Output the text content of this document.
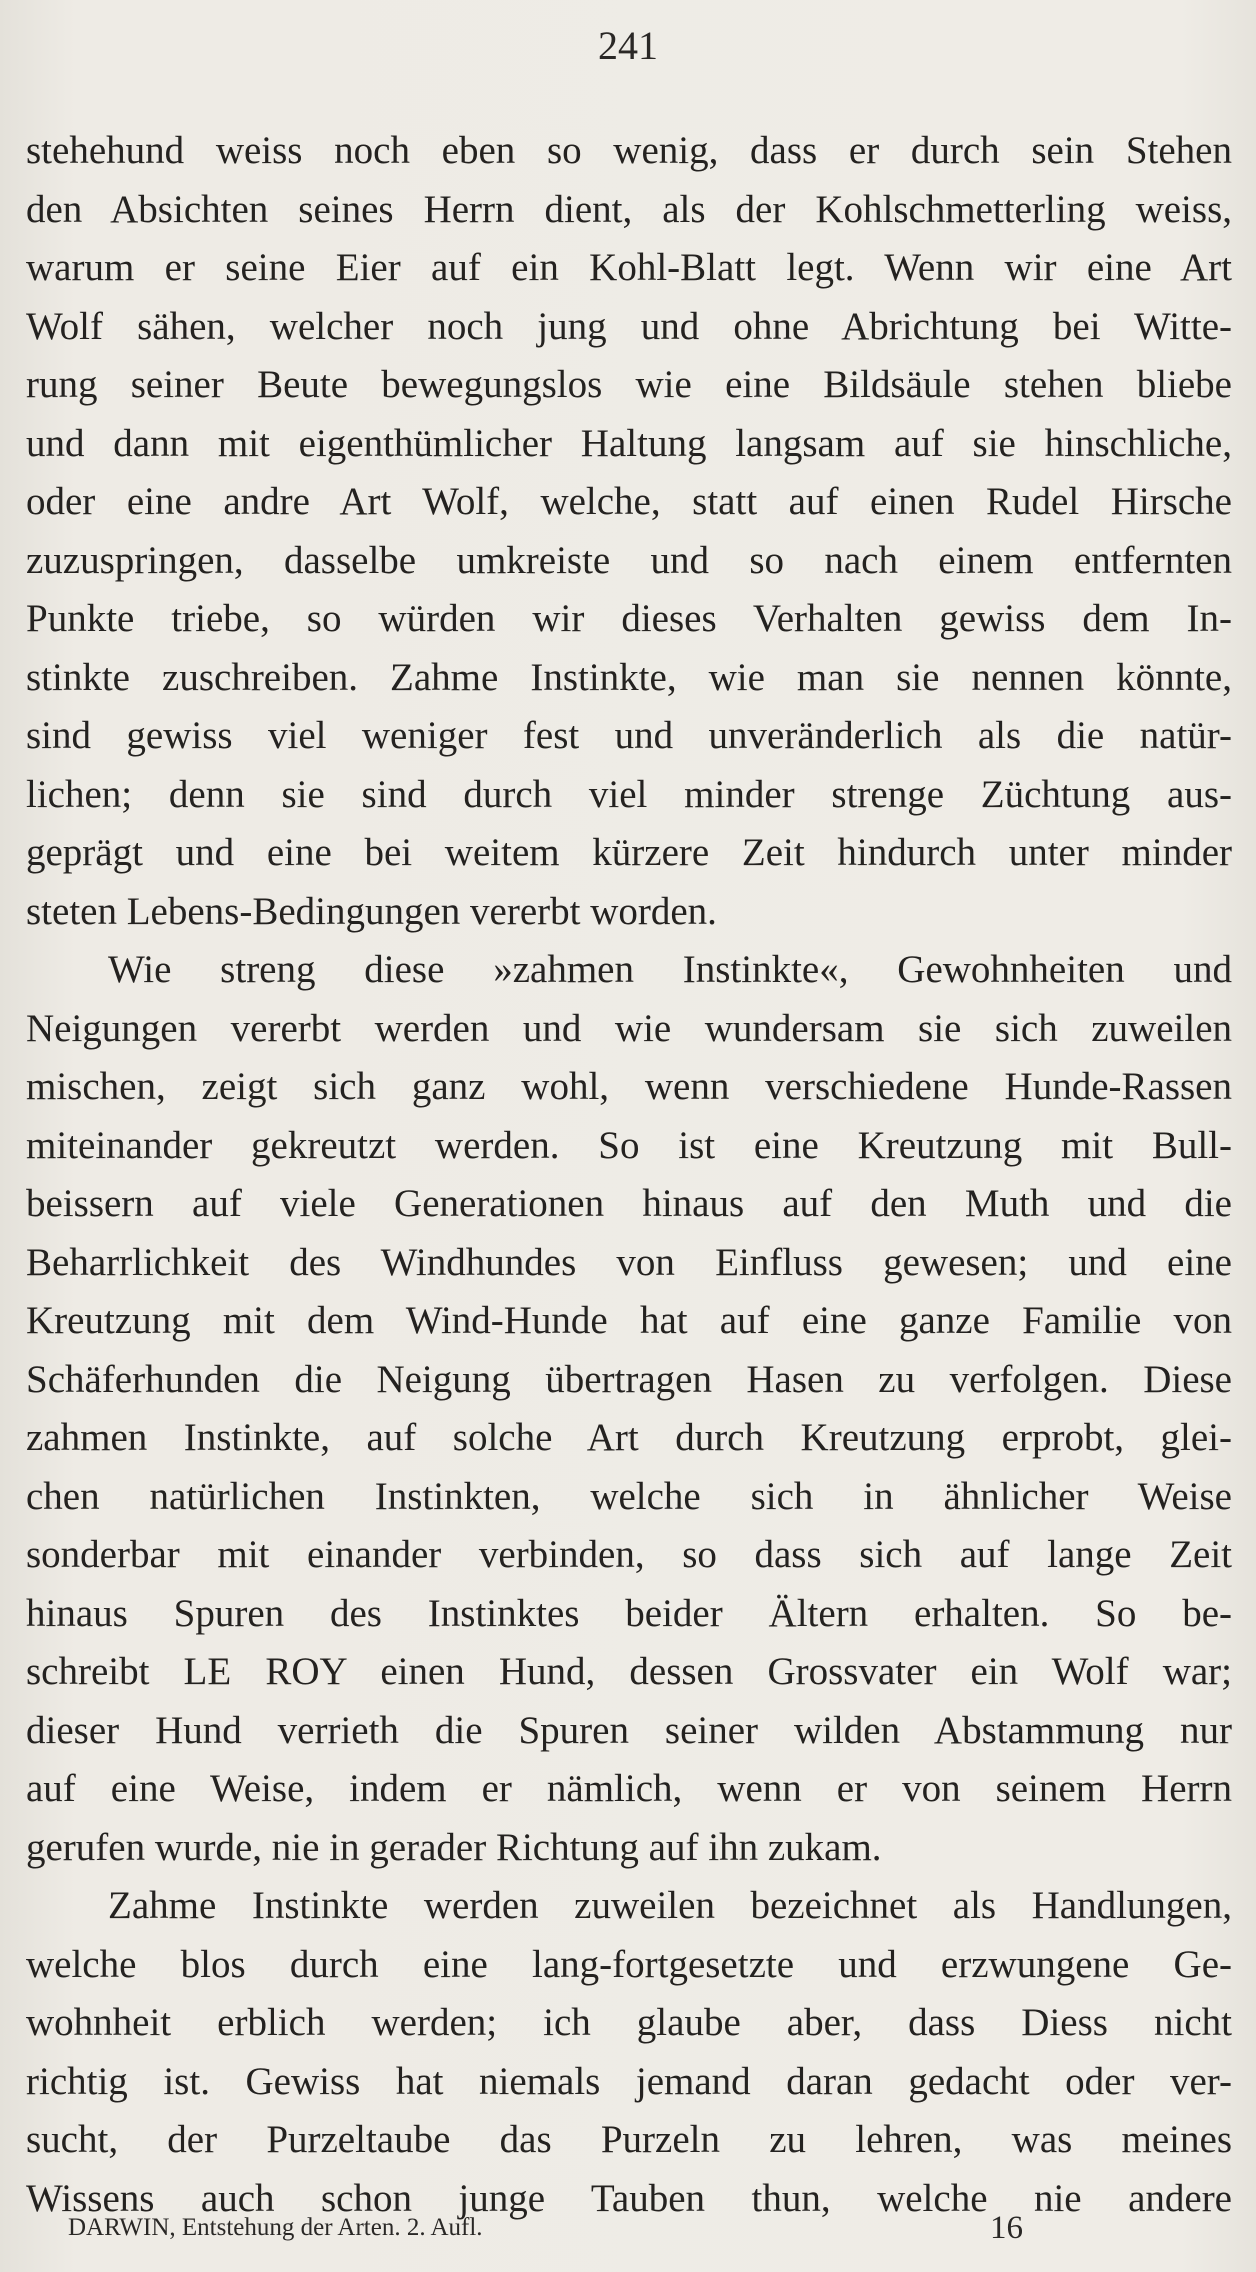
241
stehehund weiss noch eben so wenig, dass er durch sein Stehen
den Absichten seines Herrn dient, als der Kohlschmetterling weiss,
warum er seine Eier auf ein Kohl-Blatt legt. Wenn wir eine Art
Wolf sähen, welcher noch jung und ohne Abrichtung bei Witte-
rung seiner Beute bewegungslos wie eine Bildsäule stehen bliebe
und dann mit eigenthümlicher Haltung langsam auf sie hinschliche,
oder eine andre Art Wolf, welche, statt auf einen Rudel Hirsche
zuzuspringen, dasselbe umkreiste und so nach einem entfernten
Punkte triebe, so würden wir dieses Verhalten gewiss dem In-
stinkte zuschreiben. Zahme Instinkte, wie man sie nennen könnte,
sind gewiss viel weniger fest und unveränderlich als die natür-
lichen; denn sie sind durch viel minder strenge Züchtung aus-
geprägt und eine bei weitem kürzere Zeit hindurch unter minder
steten Lebens-Bedingungen vererbt worden.
Wie streng diese »zahmen Instinkte«, Gewohnheiten und
Neigungen vererbt werden und wie wundersam sie sich zuweilen
mischen, zeigt sich ganz wohl, wenn verschiedene Hunde-Rassen
miteinander gekreutzt werden. So ist eine Kreutzung mit Bull-
beissern auf viele Generationen hinaus auf den Muth und die
Beharrlichkeit des Windhundes von Einfluss gewesen; und eine
Kreutzung mit dem Wind-Hunde hat auf eine ganze Familie von
Schäferhunden die Neigung übertragen Hasen zu verfolgen. Diese
zahmen Instinkte, auf solche Art durch Kreutzung erprobt, glei-
chen natürlichen Instinkten, welche sich in ähnlicher Weise
sonderbar mit einander verbinden, so dass sich auf lange Zeit
hinaus Spuren des Instinktes beider Ältern erhalten. So be-
schreibt LE ROY einen Hund, dessen Grossvater ein Wolf war;
dieser Hund verrieth die Spuren seiner wilden Abstammung nur
auf eine Weise, indem er nämlich, wenn er von seinem Herrn
gerufen wurde, nie in gerader Richtung auf ihn zukam.
Zahme Instinkte werden zuweilen bezeichnet als Handlungen,
welche blos durch eine lang-fortgesetzte und erzwungene Ge-
wohnheit erblich werden; ich glaube aber, dass Diess nicht
richtig ist. Gewiss hat niemals jemand daran gedacht oder ver-
sucht, der Purzeltaube das Purzeln zu lehren, was meines
Wissens auch schon junge Tauben thun, welche nie andere
DARWIN, Entstehung der Arten. 2. Aufl.	16
